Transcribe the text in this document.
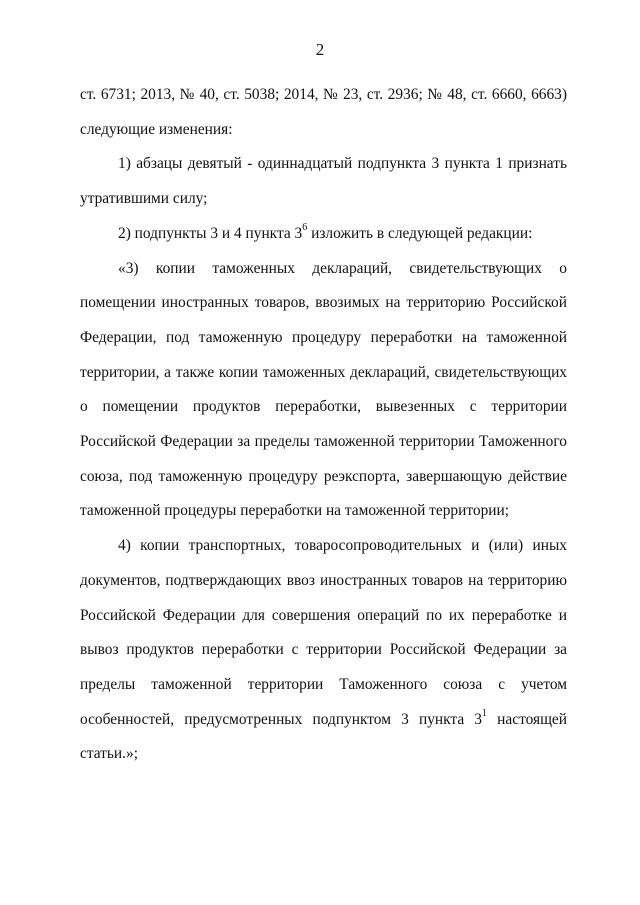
2

ст. 6731; 2013, № 40, ст. 5038; 2014, № 23, ст. 2936; № 48, ст. 6660, 6663) следующие изменения:

1) абзацы девятый - одиннадцатый подпункта 3 пункта 1 признать утратившими силу;

2) подпункты 3 и 4 пункта $3^6$ изложить в следующей редакции:

«3) копии таможенных деклараций, свидетельствующих о помещении иностранных товаров, ввозимых на территорию Российской Федерации, под таможенную процедуру переработки на таможенной территории, а также копии таможенных деклараций, свидетельствующих о помещении продуктов переработки, вывезенных с территории Российской Федерации за пределы таможенной территории Таможенного союза, под таможенную процедуру реэкспорта, завершающую действие таможенной процедуры переработки на таможенной территории;

4) копии транспортных, товаросопроводительных и (или) иных документов, подтверждающих ввоз иностранных товаров на территорию Российской Федерации для совершения операций по их переработке и вывоз продуктов переработки с территории Российской Федерации за пределы таможенной территории Таможенного союза с учетом особенностей, предусмотренных подпунктом 3 пункта $3^1$ настоящей статьи.»;
